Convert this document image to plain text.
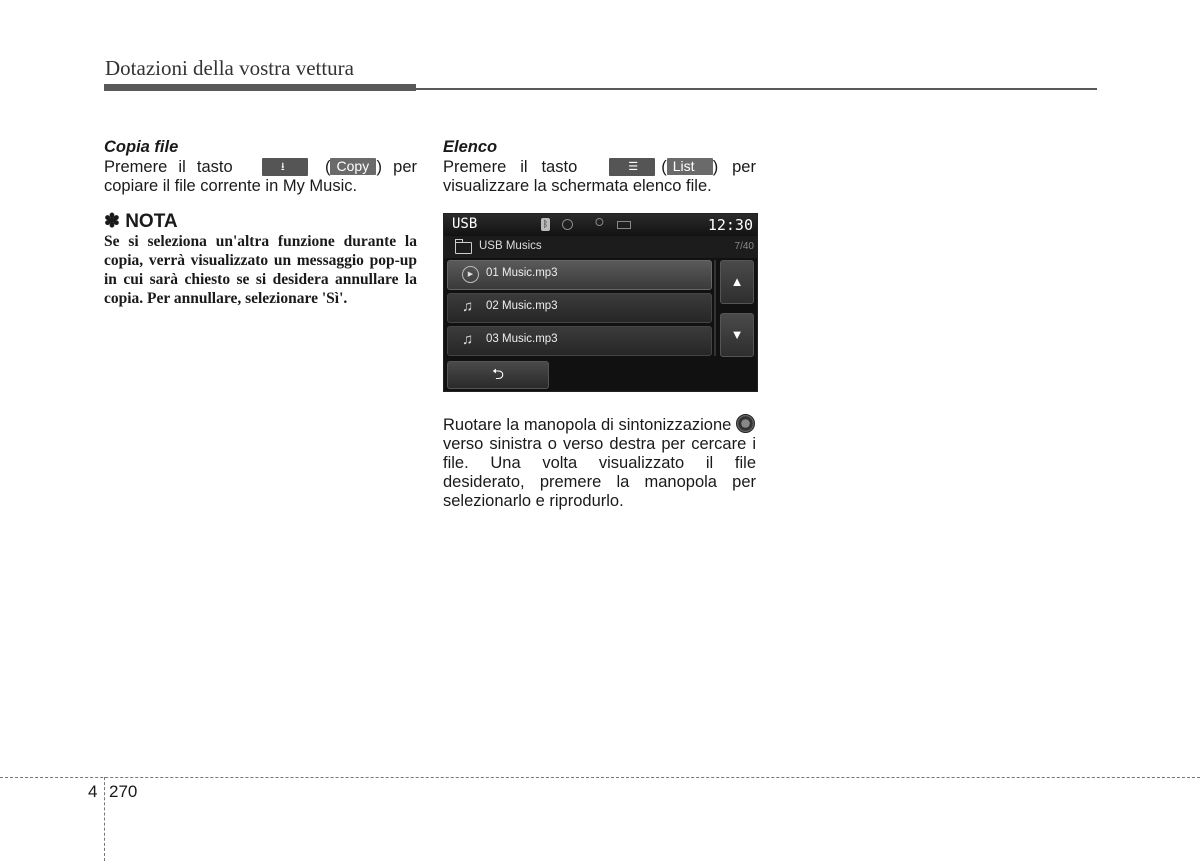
Dotazioni della vostra vettura
Copia file
Premere il tasto	⭳ ( Copy ) per copiare il file corrente in My Music.
✽ NOTA
Se si seleziona un'altra funzione durante la copia, verrà visualizzato un messaggio pop-up in cui sarà chiesto se si desidera annullare la copia. Per annullare, selezionare 'Sì'.
Elenco
Premere il tasto	☰ ( List ) per visualizzare la schermata elenco file.
Ruotare la manopola di sintonizzazione verso sinistra o verso destra per cercare i file. Una volta visualizzato il file desiderato, premere la manopola per selezionarlo e riprodurlo.
USB	ᛒ	⭘	12:30
USB Musics	7/40
▶	01 Music.mp3
♫ 02 Music.mp3
♫ 03 Music.mp3
▲
▼
⮌
4 270
